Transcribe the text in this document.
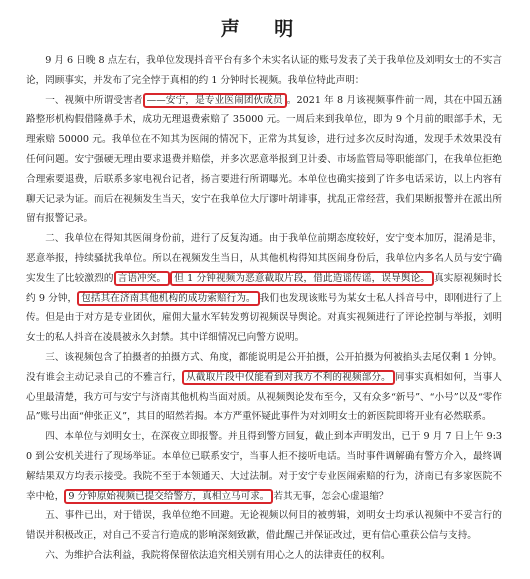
声 明

9 月 6 日晚 8 点左右，我单位发现抖音平台有多个未实名认证的账号发表了关于我单位及刘明女士的不实言论，罔顾事实，并发布了完全悖于真相的约 1 分钟时长视频。我单位特此声明：

一、视频中所谓受害者 ——安宁，是专业医闹团伙成员 。2021 年 8 月该视频事件前一周，其在中国五涵路整形机构假借隆鼻手术，成功无理退费索赔了 35000 元。一周后来到我单位，即为 9 个月前的眼部手术，无理索赔 50000 元。我单位在不知其为医闹的情况下，正常为其复诊，进行过多次反时沟通，发现手术效果没有任何问题。安宁强硬无理由要求退费并赔偿，并多次恶意举报到卫计委、市场监管局等职能部门，在我单位拒绝合理索要退费，后联系多家电视台记者，扬言要进行所谓曝光。本单位也确实接到了许多电话采访，以上内容有聊天记录为证。而后在视频发生当天，安宁在我单位大厅谬叶胡诽事，扰乱正常经营，我们果断报警并在派出所留有报警记录。

二、我单位在得知其医闹身份前，进行了反复沟通。由于我单位前期态度较好，安宁变本加厉，混淆是非，恶意举报，持续骚扰我单位。所以在视频发生当日，从其他机构得知其医闹身份后，我单位内多名人员与安宁确实发生了比较激烈的 言语冲突。 但 1 分钟视频为恶意截取片段，借此造谣传谣，误导舆论。 真实原视频时长约 9 分钟， 包括其在济南其他机构的成功索赔行为。 我们也发现该账号为某女士私人抖音号中，即刚进行了上传。但是由于对方是专业团伙，雇佣大量水军转发剪切视频误导舆论。对真实视频进行了评论控制与举报，刘明女士的私人抖音在凌晨被永久封禁。其中详细情况已向警方说明。

三、该视频包含了拍摄者的拍摄方式、角度，都能说明是公开拍摄，公开拍摄为何被掐头去尾仅剩 1 分钟。没有谁会主动记录自己的不雅言行， 从截取片段中仅能看到对我方不利的视频部分。 同事实真相如何，当事人心里最清楚，我方可与安宁与济南其他机构当面对质。从视频舆论发布至今，又有众多“新号”、“小号”以及“零作品”账号出面“伸张正义”，其目的昭然若揭。本方严重怀疑此事件为对刘明女士的新医院即将开业有必然联系。

四、本单位与刘明女士，在深夜立即报警。并且得到警方回复，截止到本声明发出，已于 9 月 7 日上午 9:30 到公安机关进行了现场举证。本单位已联系安宁，当事人拒不接听电话。当时事件调解确有警方介入，最终调解结果双方均表示接受。我院不至于本领通天、大过法制。对于安宁专业医闹索赔的行为，济南已有多家医院不幸中枪， 9 分钟原始视频已提交给警方，真相立马可求。 若其无事，怎会心虚退缩？

五、事件已出，对于错误，我单位绝不回避。无论视频以何目的被剪辑，刘明女士均承认视频中不妥言行的错误并积极改正，对自己不妥言行造成的影响深刻致歉，借此醒己并保证改过，更有信心重获公信与支持。

六、为维护合法利益，我院将保留依法追究相关别有用心之人的法律责任的权利。
